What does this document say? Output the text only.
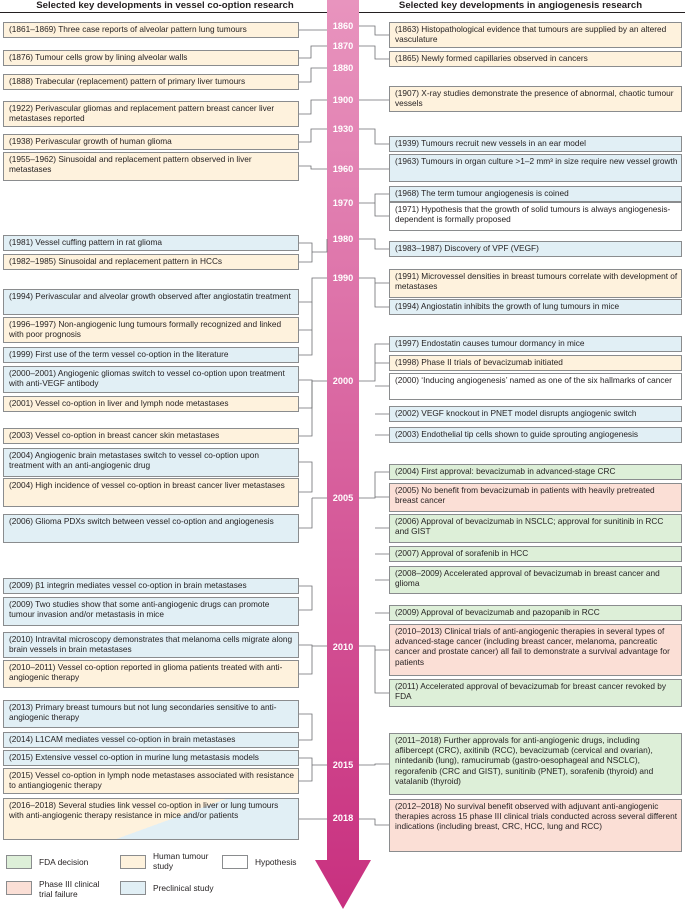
Selected key developments in vessel co-option research	Selected key developments in angiogenesis research
1860
1870
1880
1900
1930
1960
1970
1980
1990
2000
2005
2010
2015
2018
(1861–1869) Three case reports of alveolar pattern lung tumours
(1876) Tumour cells grow by lining alveolar walls
(1888) Trabecular (replacement) pattern of primary liver tumours
(1922) Perivascular gliomas and replacement pattern breast cancer liver metastases reported
(1938) Perivascular growth of human glioma
(1955–1962) Sinusoidal and replacement pattern observed in liver metastases
(1981) Vessel cuffing pattern in rat glioma
(1982–1985) Sinusoidal and replacement pattern in HCCs
(1994) Perivascular and alveolar growth observed after angiostatin treatment
(1996–1997) Non-angiogenic lung tumours formally recognized and linked with poor prognosis
(1999) First use of the term vessel co-option in the literature
(2000–2001) Angiogenic gliomas switch to vessel co-option upon treatment with anti-VEGF antibody
(2001) Vessel co-option in liver and lymph node metastases
(2003) Vessel co-option in breast cancer skin metastases
(2004) Angiogenic brain metastases switch to vessel co-option upon treatment with an anti-angiogenic drug
(2004) High incidence of vessel co-option in breast cancer liver metastases
(2006) Glioma PDXs switch between vessel co-option and angiogenesis
(2009) β1 integrin mediates vessel co-option in brain metastases
(2009) Two studies show that some anti-angiogenic drugs can promote tumour invasion and/or metastasis in mice
(2010) Intravital microscopy demonstrates that melanoma cells migrate along brain vessels in brain metastases
(2010–2011) Vessel co-option reported in glioma patients treated with anti-angiogenic therapy
(2013) Primary breast tumours but not lung secondaries sensitive to anti-angiogenic therapy
(2014) L1CAM mediates vessel co-option in brain metastases
(2015) Extensive vessel co-option in murine lung metastasis models
(2015) Vessel co-option in lymph node metastases associated with resistance to antiangiogenic therapy
(2016–2018) Several studies link vessel co-option in liver or lung tumours with anti-angiogenic therapy resistance in mice and/or patients
(1863) Histopathological evidence that tumours are supplied by an altered vasculature
(1865) Newly formed capillaries observed in cancers
(1907) X-ray studies demonstrate the presence of abnormal, chaotic tumour vessels
(1939) Tumours recruit new vessels in an ear model
(1963) Tumours in organ culture >1–2 mm³ in size require new vessel growth
(1968) The term tumour angiogenesis is coined
(1971) Hypothesis that the growth of solid tumours is always angiogenesis-dependent is formally proposed
(1983–1987) Discovery of VPF (VEGF)
(1991) Microvessel densities in breast tumours correlate with development of metastases
(1994) Angiostatin inhibits the growth of lung tumours in mice
(1997) Endostatin causes tumour dormancy in mice
(1998) Phase II trials of bevacizumab initiated
(2000) ‘Inducing angiogenesis’ named as one of the six hallmarks of cancer
(2002) VEGF knockout in PNET model disrupts angiogenic switch
(2003) Endothelial tip cells shown to guide sprouting angiogenesis
(2004) First approval: bevacizumab in advanced-stage CRC
(2005) No benefit from bevacizumab in patients with heavily pretreated breast cancer
(2006) Approval of bevacizumab in NSCLC; approval for sunitinib in RCC and GIST
(2007) Approval of sorafenib in HCC
(2008–2009) Accelerated approval of bevacizumab in breast cancer and glioma
(2009) Approval of bevacizumab and pazopanib in RCC
(2010–2013) Clinical trials of anti-angiogenic therapies in several types of advanced-stage cancer (including breast cancer, melanoma, pancreatic cancer and prostate cancer) all fail to demonstrate a survival advantage for patients
(2011) Accelerated approval of bevacizumab for breast cancer revoked by FDA
(2011–2018) Further approvals for anti-angiogenic drugs, including aflibercept (CRC), axitinib (RCC), bevacizumab (cervical and ovarian), nintedanib (lung), ramucirumab (gastro-oesophageal and NSCLC), regorafenib (CRC and GIST), sunitinib (PNET), sorafenib (thyroid) and vatalanib (thyroid)
(2012–2018) No survival benefit observed with adjuvant anti-angiogenic therapies across 15 phase III clinical trials conducted across several different indications (including breast, CRC, HCC, lung and RCC)
FDA decision
Human tumour study	Hypothesis
Phase III clinical trial failure
Preclinical study
